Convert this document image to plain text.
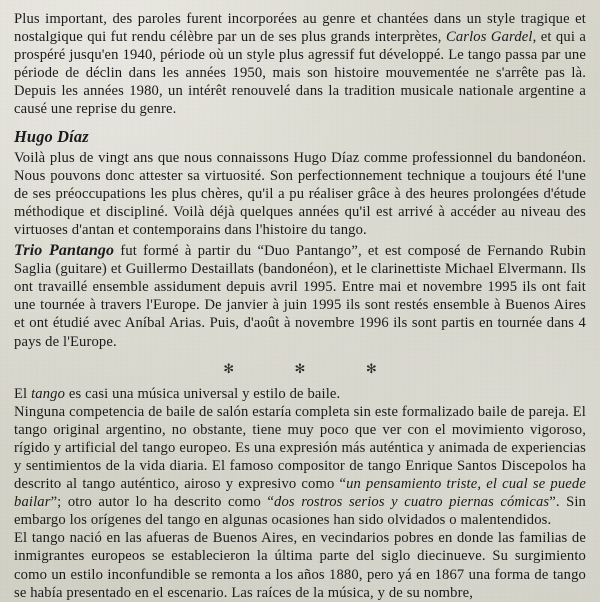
Plus important, des paroles furent incorporées au genre et chantées dans un style tragique et nostalgique qui fut rendu célèbre par un de ses plus grands interprètes, Carlos Gardel, et qui a prospéré jusqu'en 1940, période où un style plus agressif fut développé. Le tango passa par une période de déclin dans les années 1950, mais son histoire mouvementée ne s'arrête pas là. Depuis les années 1980, un intérêt renouvelé dans la tradition musicale nationale argentine a causé une reprise du genre.

Hugo Díaz

Voilà plus de vingt ans que nous connaissons Hugo Díaz comme professionnel du bandonéon. Nous pouvons donc attester sa virtuosité. Son perfectionnement technique a toujours été l'une de ses préoccupations les plus chères, qu'il a pu réaliser grâce à des heures prolongées d'étude méthodique et discipliné. Voilà déjà quelques années qu'il est arrivé à accéder au niveau des virtuoses d'antan et contemporains dans l'histoire du tango.

Trio Pantango fut formé à partir du “Duo Pantango”, et est composé de Fernando Rubin Saglia (guitare) et Guillermo Destaillats (bandonéon), et le clarinettiste Michael Elvermann. Ils ont travaillé ensemble assidument depuis avril 1995. Entre mai et novembre 1995 ils ont fait une tournée à travers l'Europe. De janvier à juin 1995 ils sont restés ensemble à Buenos Aires et ont étudié avec Aníbal Arias. Puis, d'août à novembre 1996 ils sont partis en tournée dans 4 pays de l'Europe.

✻ ✻ ✻

El tango es casi una música universal y estilo de baile.

Ninguna competencia de baile de salón estaría completa sin este formalizado baile de pareja. El tango original argentino, no obstante, tiene muy poco que ver con el movimiento vigoroso, rígido y artificial del tango europeo. Es una expresión más auténtica y animada de experiencias y sentimientos de la vida diaria. El famoso compositor de tango Enrique Santos Discepolos ha descrito al tango auténtico, airoso y expresivo como “un pensamiento triste, el cual se puede bailar”; otro autor lo ha descrito como “dos rostros serios y cuatro piernas cómicas”. Sin embargo los orígenes del tango en algunas ocasiones han sido olvidados o malentendidos.

El tango nació en las afueras de Buenos Aires, en vecindarios pobres en donde las familias de inmigrantes europeos se establecieron la última parte del siglo diecinueve. Su surgimiento como un estilo inconfundible se remonta a los años 1880, pero yá en 1867 una forma de tango se había presentado en el escenario. Las raíces de la música, y de su nombre,
